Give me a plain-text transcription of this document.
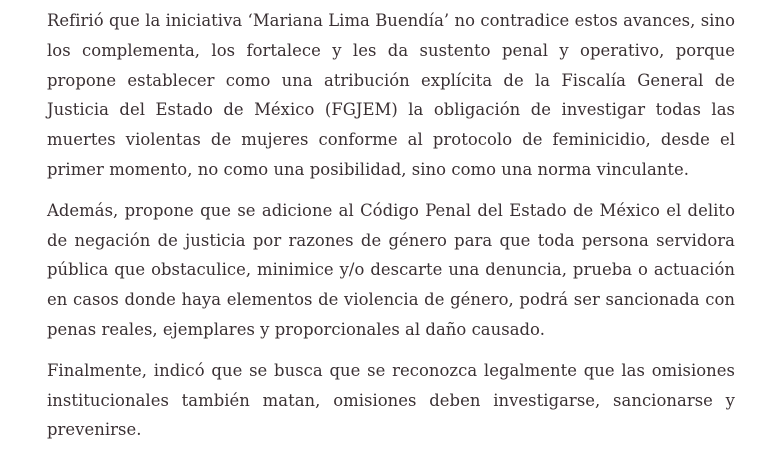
Refirió que la iniciativa ‘Mariana Lima Buendía’ no contradice estos avances, sino los complementa, los fortalece y les da sustento penal y operativo, porque propone establecer como una atribución explícita de la Fiscalía General de Justicia del Estado de México (FGJEM) la obligación de investigar todas las muertes violentas de mujeres conforme al protocolo de feminicidio, desde el primer momento, no como una posibilidad, sino como una norma vinculante.

Además, propone que se adicione al Código Penal del Estado de México el delito de negación de justicia por razones de género para que toda persona servidora pública que obstaculice, minimice y/o descarte una denuncia, prueba o actuación en casos donde haya elementos de violencia de género, podrá ser sancionada con penas reales, ejemplares y proporcionales al daño causado.

Finalmente, indicó que se busca que se reconozca legalmente que las omisiones institucionales también matan, omisiones deben investigarse, sancionarse y prevenirse.
